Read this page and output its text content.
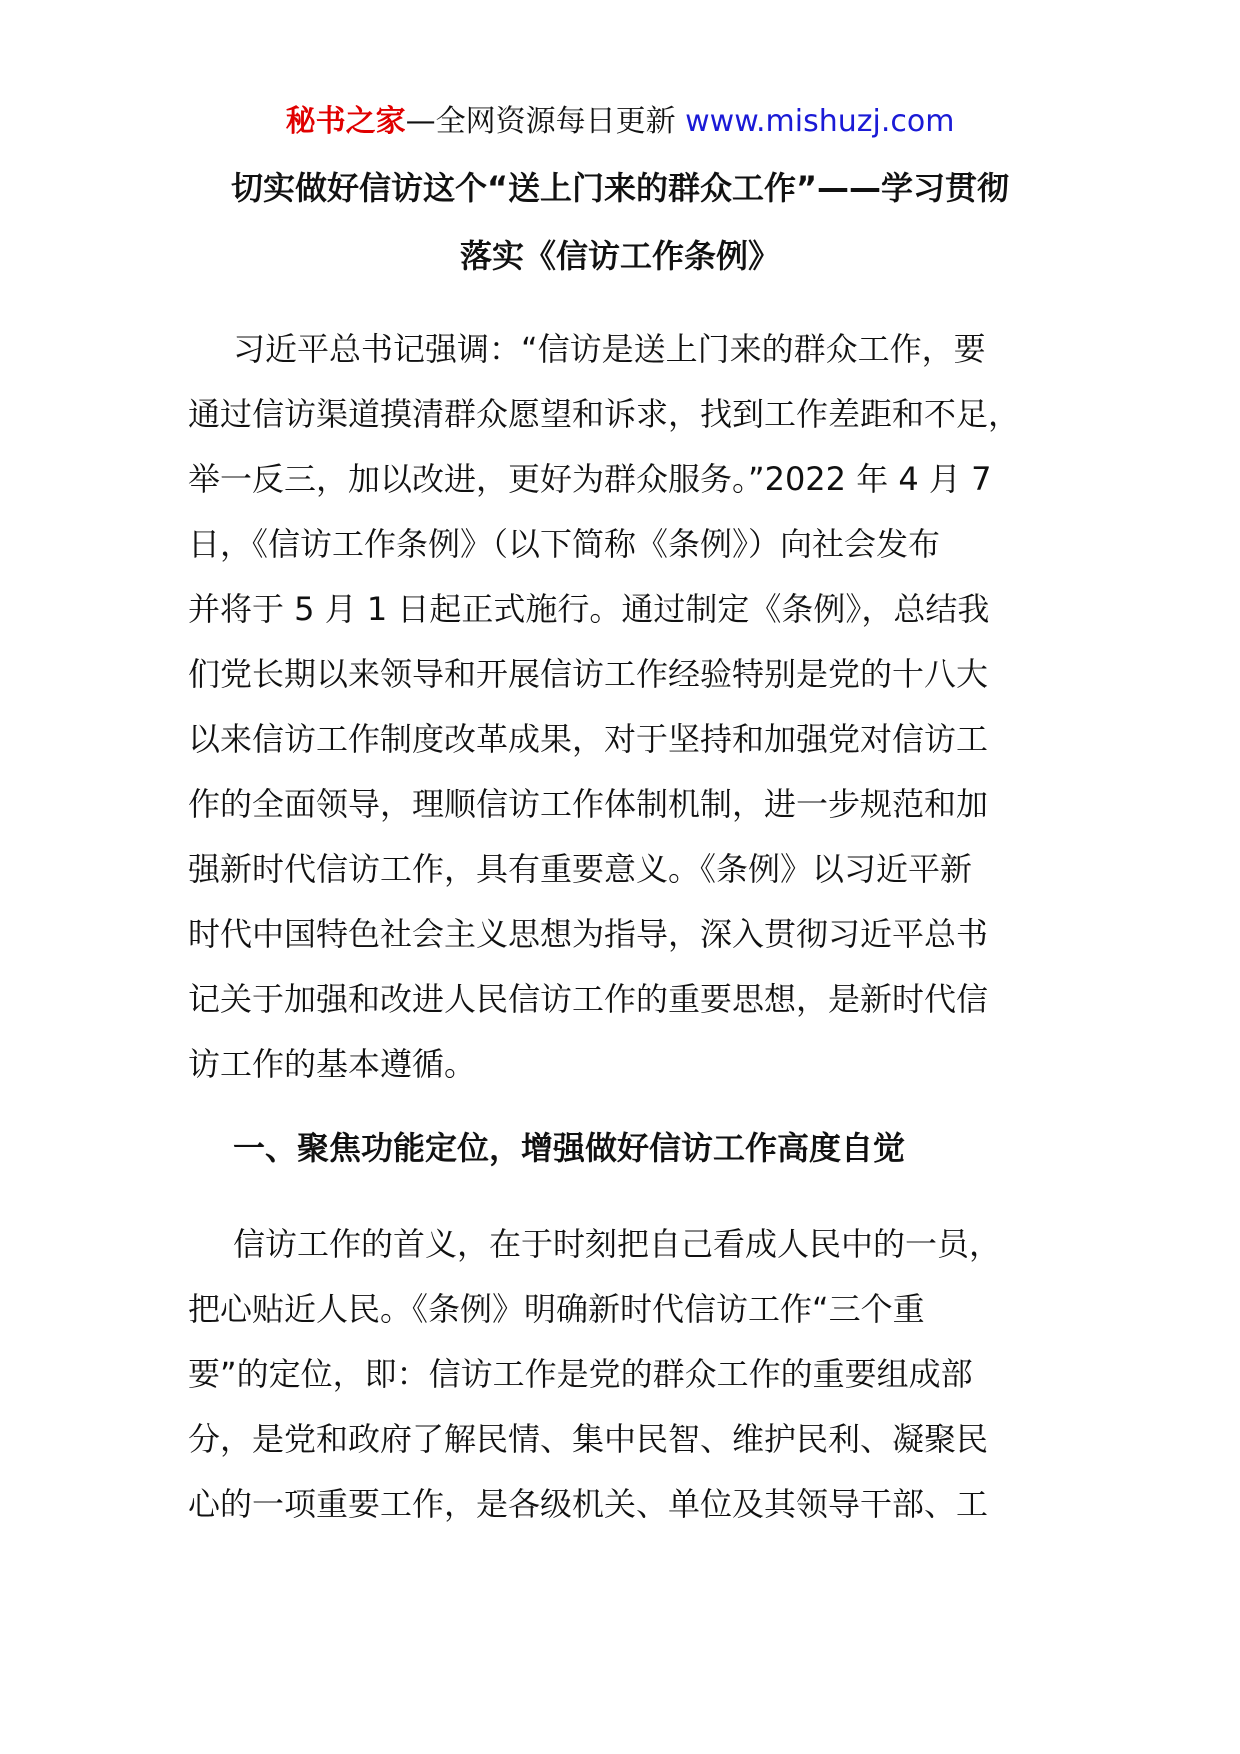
秘书之家—全网资源每日更新 www.mishuzj.com
切实做好信访这个“送上门来的群众工作”——学习贯彻
落实《信访工作条例》
习近平总书记强调：“信访是送上门来的群众工作，要
通过信访渠道摸清群众愿望和诉求，找到工作差距和不足，
举一反三，加以改进，更好为群众服务。”2022 年 4 月 7
日，《信访工作条例》（以下简称《条例》）向社会发布
并将于 5 月 1 日起正式施行。通过制定《条例》，总结我
们党长期以来领导和开展信访工作经验特别是党的十八大
以来信访工作制度改革成果，对于坚持和加强党对信访工
作的全面领导，理顺信访工作体制机制，进一步规范和加
强新时代信访工作，具有重要意义。《条例》以习近平新
时代中国特色社会主义思想为指导，深入贯彻习近平总书
记关于加强和改进人民信访工作的重要思想，是新时代信
访工作的基本遵循。
一、聚焦功能定位，增强做好信访工作高度自觉
信访工作的首义，在于时刻把自己看成人民中的一员，
把心贴近人民。《条例》明确新时代信访工作“三个重
要”的定位，即：信访工作是党的群众工作的重要组成部
分，是党和政府了解民情、集中民智、维护民利、凝聚民
心的一项重要工作，是各级机关、单位及其领导干部、工
